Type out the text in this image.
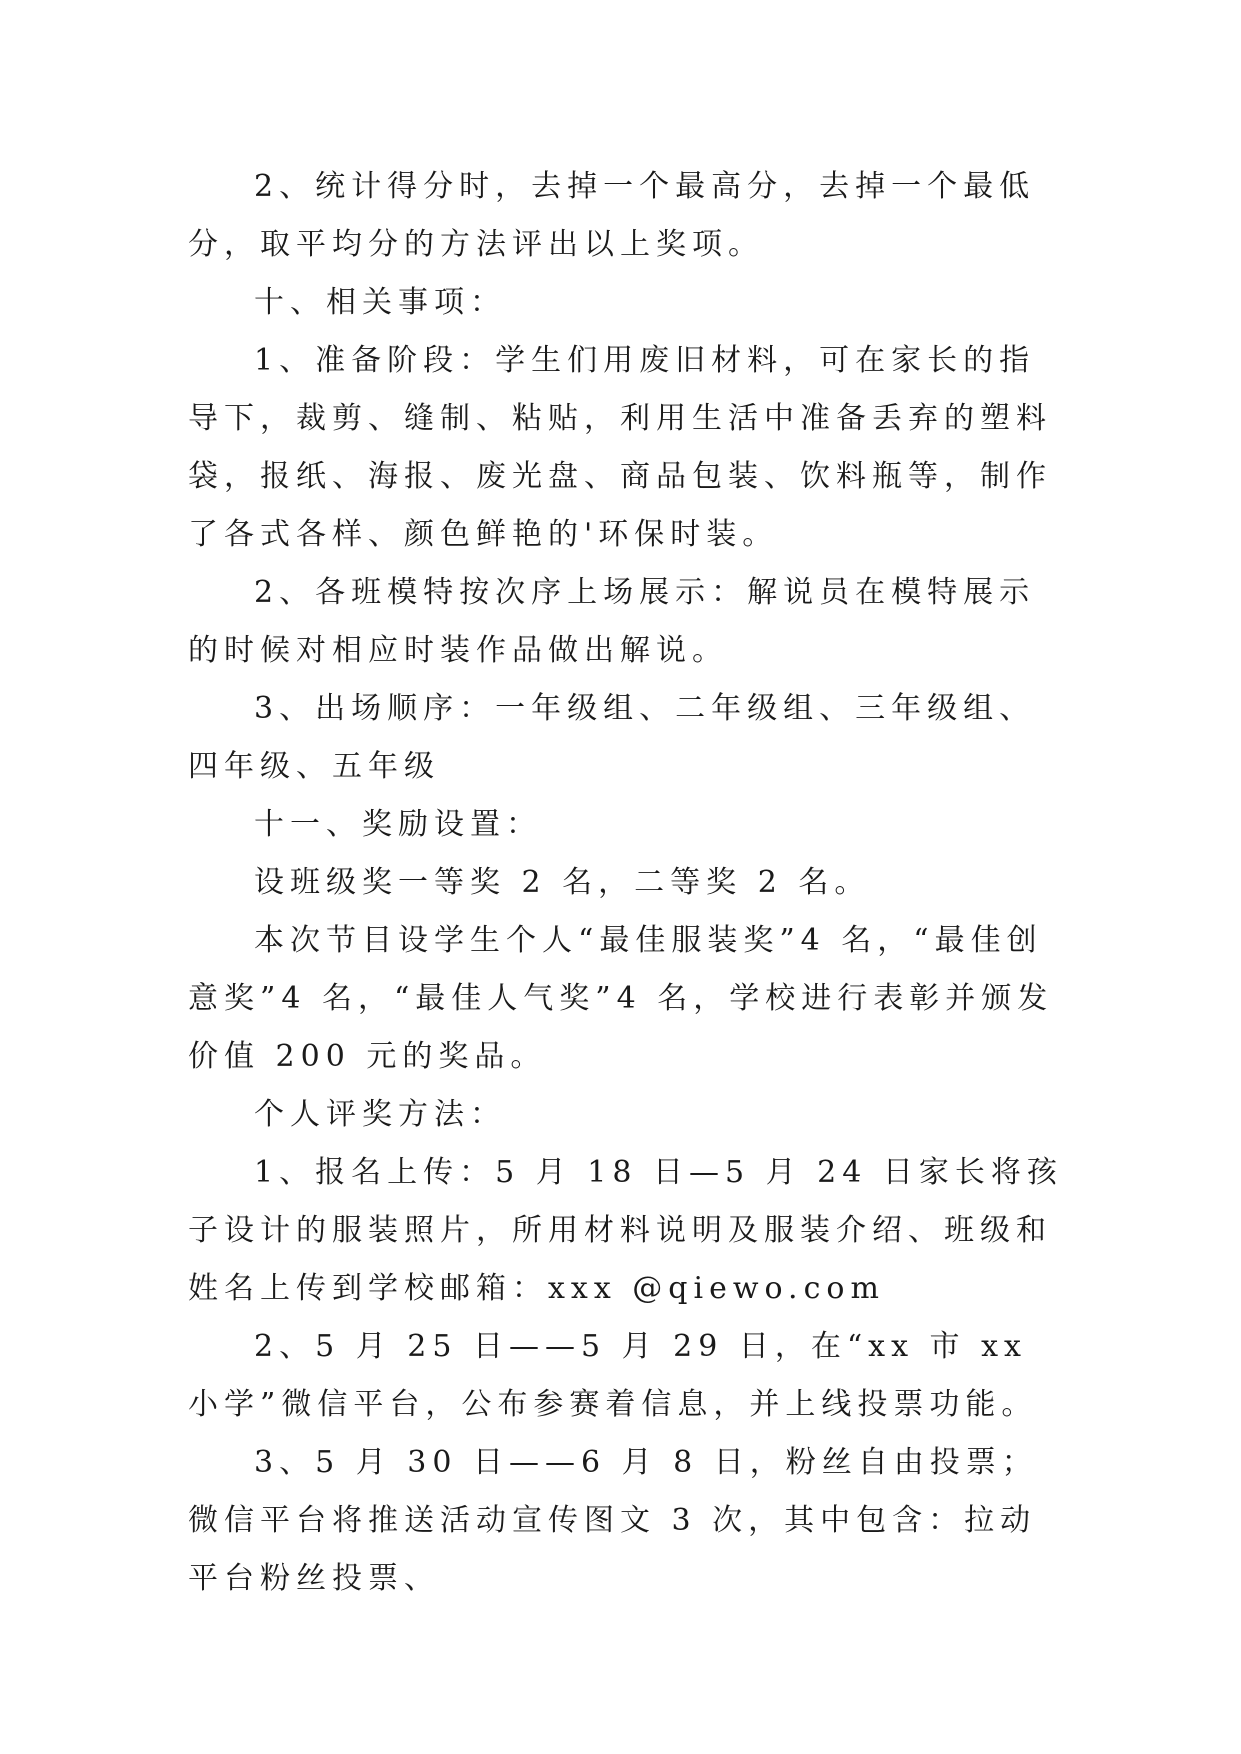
2、统计得分时，去掉一个最高分，去掉一个最低分，取平均分的方法评出以上奖项。

十、相关事项：

1、准备阶段：学生们用废旧材料，可在家长的指导下，裁剪、缝制、粘贴，利用生活中准备丢弃的塑料袋，报纸、海报、废光盘、商品包装、饮料瓶等，制作了各式各样、颜色鲜艳的'环保时装。

2、各班模特按次序上场展示：解说员在模特展示的时候对相应时装作品做出解说。

3、出场顺序：一年级组、二年级组、三年级组、四年级、五年级

十一、奖励设置：

设班级奖一等奖 2 名，二等奖 2 名。

本次节目设学生个人“最佳服装奖”4 名，“最佳创意奖”4 名，“最佳人气奖”4 名，学校进行表彰并颁发价值 200 元的奖品。

个人评奖方法：

1、报名上传：5 月 18 日—5 月 24 日家长将孩子设计的服装照片，所用材料说明及服装介绍、班级和姓名上传到学校邮箱：xxx @qiewo.com

2、5 月 25 日——5 月 29 日，在“xx 市 xx 小学”微信平台，公布参赛着信息，并上线投票功能。

3、5 月 30 日——6 月 8 日，粉丝自由投票；微信平台将推送活动宣传图文 3 次，其中包含：拉动平台粉丝投票、
